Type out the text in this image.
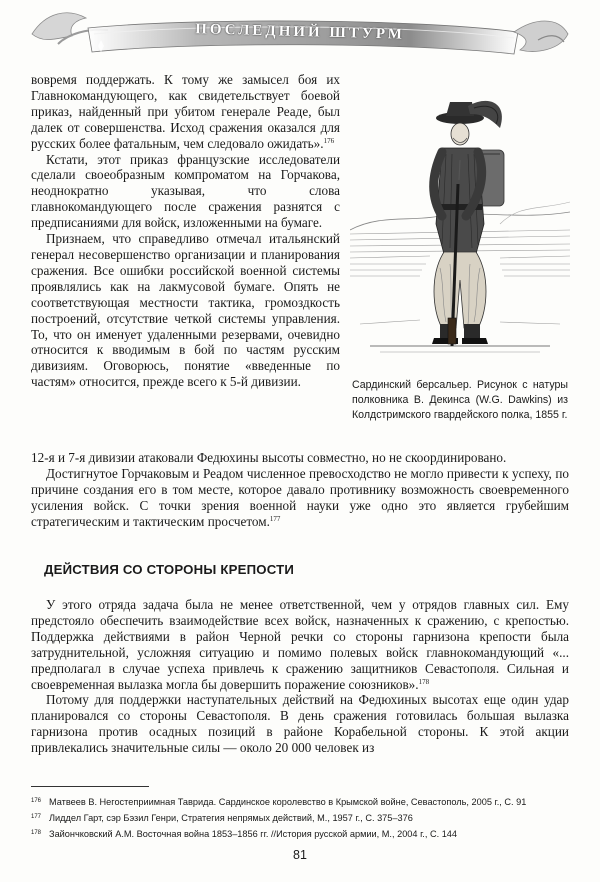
ПОСЛЕДНИЙ ШТУРМ

вовремя поддержать. К тому же замысел боя их Главнокомандующего, как свидетельствует боевой приказ, найденный при убитом генерале Реаде, был далек от совершенства. Исход сражения оказался для русских более фатальным, чем следовало ожидать».$^{176}$

Кстати, этот приказ французские исследователи сделали своеобразным компроматом на Горчакова, неоднократно указывая, что слова главнокомандующего после сражения разнятся с предписаниями для войск, изложенными на бумаге.

Признаем, что справедливо отмечал итальянский генерал несовершенство организации и планирования сражения. Все ошибки российской военной системы проявлялись как на лакмусовой бумаге. Опять не соответствующая местности тактика, громоздкость построений, отсутствие четкой системы управления. То, что он именует удаленными резервами, очевидно относится к вводимым в бой по частям русским дивизиям. Оговорюсь, понятие «введенные по частям» относится, прежде всего к 5-й дивизии.	Сардинский берсальер. Рисунок с натуры полковника В. Декинса (W.G. Dawkins) из Колдстримского гвардейского полка, 1855 г.

12-я и 7-я дивизии атаковали Федюхины высоты совместно, но не скоординировано.

Достигнутое Горчаковым и Реадом численное превосходство не могло привести к успеху, по причине создания его в том месте, которое давало противнику возможность своевременного усиления войск. С точки зрения военной науки уже одно это является грубейшим стратегическим и тактическим просчетом.$^{177}$

ДЕЙСТВИЯ СО СТОРОНЫ КРЕПОСТИ

У этого отряда задача была не менее ответственной, чем у отрядов главных сил. Ему предстояло обеспечить взаимодействие всех войск, назначенных к сражению, с крепостью. Поддержка действиями в район Черной речки со стороны гарнизона крепости была затруднительной, усложняя ситуацию и помимо полевых войск главнокомандующий «... предполагал в случае успеха привлечь к сражению защитников Севастополя. Сильная и своевременная вылазка могла бы довершить поражение союзников».$^{178}$

Потому для поддержки наступательных действий на Федюхиных высотах еще один удар планировался со стороны Севастополя. В день сражения готовилась большая вылазка гарнизона против осадных позиций в районе Корабельной стороны. К этой акции привлекались значительные силы — около 20 000 человек из

$^{176}$ Матвеев В. Негостеприимная Таврида. Сардинское королевство в Крымской войне, Севастополь, 2005 г., С. 91
$^{177}$ Лиддел Гарт, сэр Бэзил Генри, Стратегия непрямых действий, М., 1957 г., С. 375–376
$^{178}$ Зайончковский А.М. Восточная война 1853–1856 гг. //История русской армии, М., 2004 г., С. 144
81
